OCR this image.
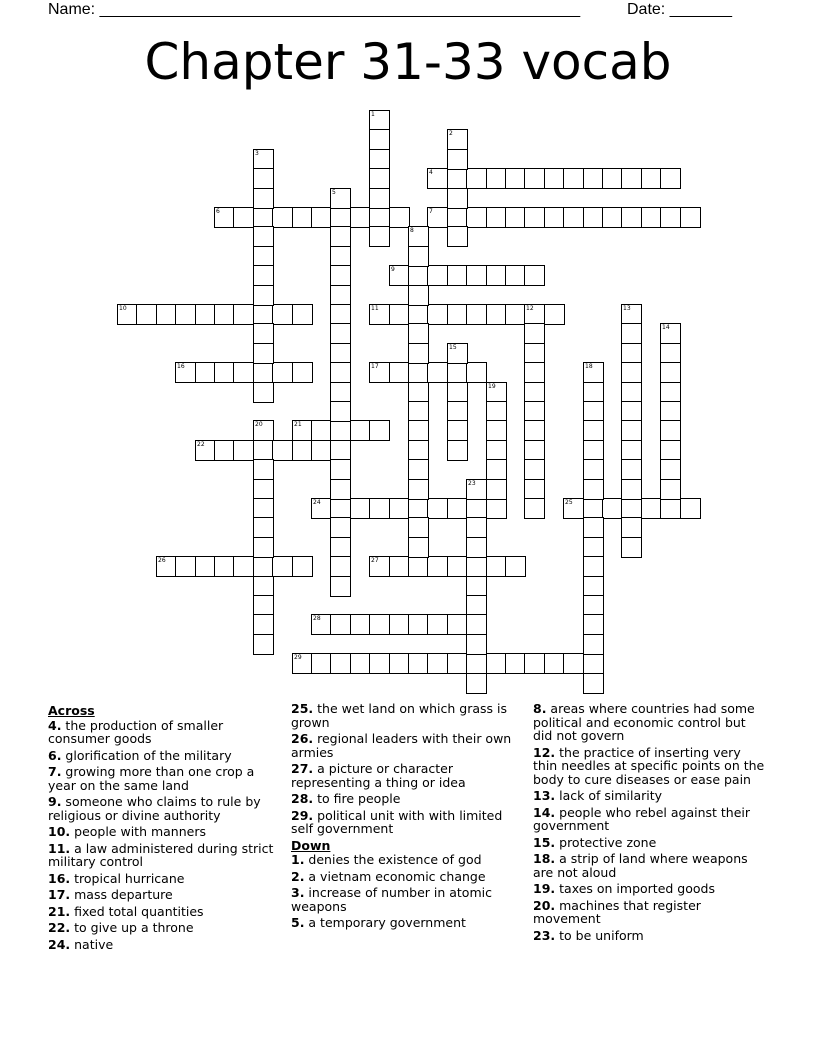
Name: ______________________________________________________	Date: _______
Chapter 31-33 vocab
4
6	7
9
10	11	12
16	17
21
22
24	25
26	27
28
29
1
2
3
5
8
13
14
15
18
19
20
23
Across
4. the production of smaller consumer goods
6. glorification of the military
7. growing more than one crop a year on the same land
9. someone who claims to rule by religious or divine authority
10. people with manners
11. a law administered during strict military control
16. tropical hurricane
17. mass departure
21. fixed total quantities
22. to give up a throne
24. native
25. the wet land on which grass is grown
26. regional leaders with their own armies
27. a picture or character representing a thing or idea
28. to fire people
29. political unit with with limited self government
Down
1. denies the existence of god
2. a vietnam economic change
3. increase of number in atomic weapons
5. a temporary government
8. areas where countries had some political and economic control but did not govern
12. the practice of inserting very thin needles at specific points on the body to cure diseases or ease pain
13. lack of similarity
14. people who rebel against their government
15. protective zone
18. a strip of land where weapons are not aloud
19. taxes on imported goods
20. machines that register movement
23. to be uniform
